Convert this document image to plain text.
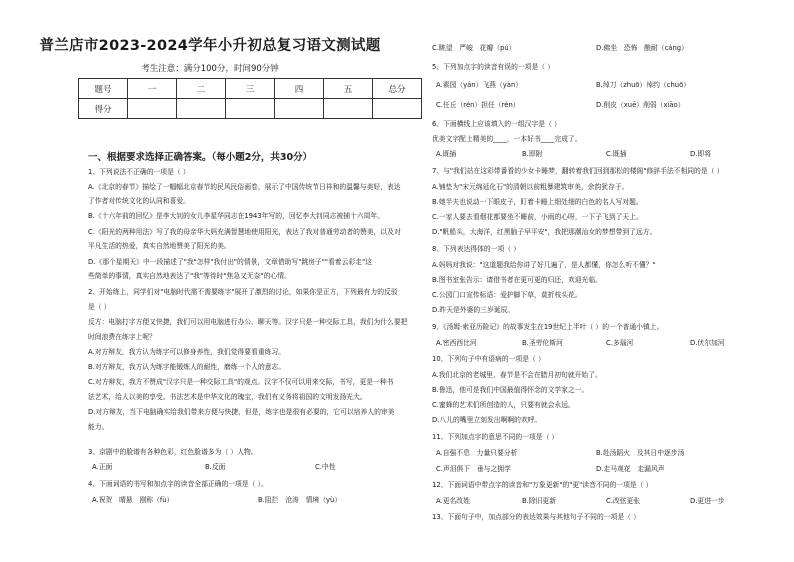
普兰店市2023-2024学年小升初总复习语文测试题
考生注意：满分100分，时间90分钟
题号	一	二	三	四	五	总分
得分						
一、根据要求选择正确答案。（每小题2分，共30分）
1、下列说法不正确的一项是（ ）
A.《北京的春节》描绘了一幅幅北京春节的民风民俗画卷，展示了中国传统节日祥和的温馨与美好，表达
了作者对传统文化的认同和喜爱。
B.《十六年前的回忆》是李大钊的女儿李星华同志在1943年写的，回忆李大钊同志被捕十六周年。
C.《阳光的两种用法》写了我的母亲华大妈充满智慧地使用阳光，表达了我对普通劳动者的赞美，以及对
平凡生活的热爱，真实自然地赞美了阳光的美。
D.《那个星期天》中一段描述了"我"怎样"我付出"的情景，文章借助写"跳房子""看着云彩走"这
些简单的事情，真实自然地表达了"我"等待时"焦急又无奈"的心情。
2、开始练上，同学们对"电脑时代需不需要练字"展开了激烈的讨论，如果你是正方，下列最有力的反驳
是（ ）
反方：电脑打字方便又快捷，我们可以用电脑进行办公、聊天等。汉字只是一种交际工具，我们为什么要把
时间浪费在练字上呢？
A.对方辩友，我方认为练字可以修身养性，我们觉得要看重练习。
B.对方辩友，我方认为练字能锻炼人的耐性，磨练一个人的意志。
C.对方辩友，我方不赞成"汉字只是一种交际工具"的观点。汉字不仅可以用来交际，书写，更是一种书
法艺术，给人以美的享受。书法艺术是中华文化的瑰宝，我们有义务将祖国的文明发扬光大。
D.对方辩友，当下电脑确实给我们带来方便与快捷，但是，练字也是很有必要的，它可以培养人的审美
能力。
3、京剧中的脸谱有各种色彩，红色脸谱多为（ ）人物。
A.正面	B.反面	C.中性
4、下面词语的书写和加点字的读音全部正确的一项是（ ）。
A.祝贺　晴悬　刚称（fù）	B.阻拦　沧涛　情境（yù）
C.眺望　严峻　花瓣（pú）	D.佛坐　恐怖　酿耐（cáng）
5、下列加点字的读音有误的一项是（ ）
A.素园（yán）飞燕（yàn）	B.绰刀（zhuō）绰约（chuō）
C.任丘（rén）担任（rèn）	D.削皮（xuē）削弱（xiāo）
6、下面横线上应该填入的一组汉字是（ ）
优美文字配上精美的____，一本好书____完成了。
A.既插	B.即附	C.既插	D.即将
7、与"我们站在这彩带番看的少女卡睡梦，翻转着我们回到那松的楼阁"修辞手法不相同的是（ ）
A.铺垫为"宋元绵延化石"的清朝以前粗暴建筑审美，余韵犹存于。
B.她半夫也说动一下眼皮子，盯着卡睡上细处细的白色的名人写对题。
C.一家人要去看烟花都要坐不睡前，小雨的心呀，一下子飞到了天上。
D."帆船头，大海洋，红黑脑子早平安"，我把那潮汕女的梦想带到了远方。
8、下列表达得体的一项（ ）
A.妈妈对我说："这道题我给你讲了好几遍了，是人都懂，你怎么听不懂？"
B.图书室张告示：请借书者在更可更的归还，欢迎光临。
C.公园门口宣传标语：爱护脚下草，莫折枝头花。
D.昨天是外婆的三岁诞辰。
9、《汤姆·索亚历险记》的故事发生在19世纪上半叶（ ）的一个普通小镇上。
A.密西西比河	B.圣劳伦斯河	C.多瑙河	D.伏尔加河
10、下列句子中有语病的一项是（ ）
A.我们北京的老城里，春节是不会在腊月初旬就开始了。
B.鲁迅，他可是我们中国最值得怀念的文学家之一。
C.蜜蜂的艺术们所创造的人，只要有就会永远。
D.八儿的嘴里立刻发出啊啊的欢呼。
11、下列加点字的意思不同的一项是（ ）
A.自强不息　力量只要分析	B.赴汤蹈火　及其日中逐步汤
C.声泪俱下　垂与之拥学	D.走马观花　走漏风声
12、下面词语中带点字的读音和"万象更新"的"更"读音不同的一项是（ ）
A.更名改姓	B.除旧更新	C.改弦更张	D.更进一步
13、下面句子中，加点部分的表达效果与其他句子不同的一项是（ ）
